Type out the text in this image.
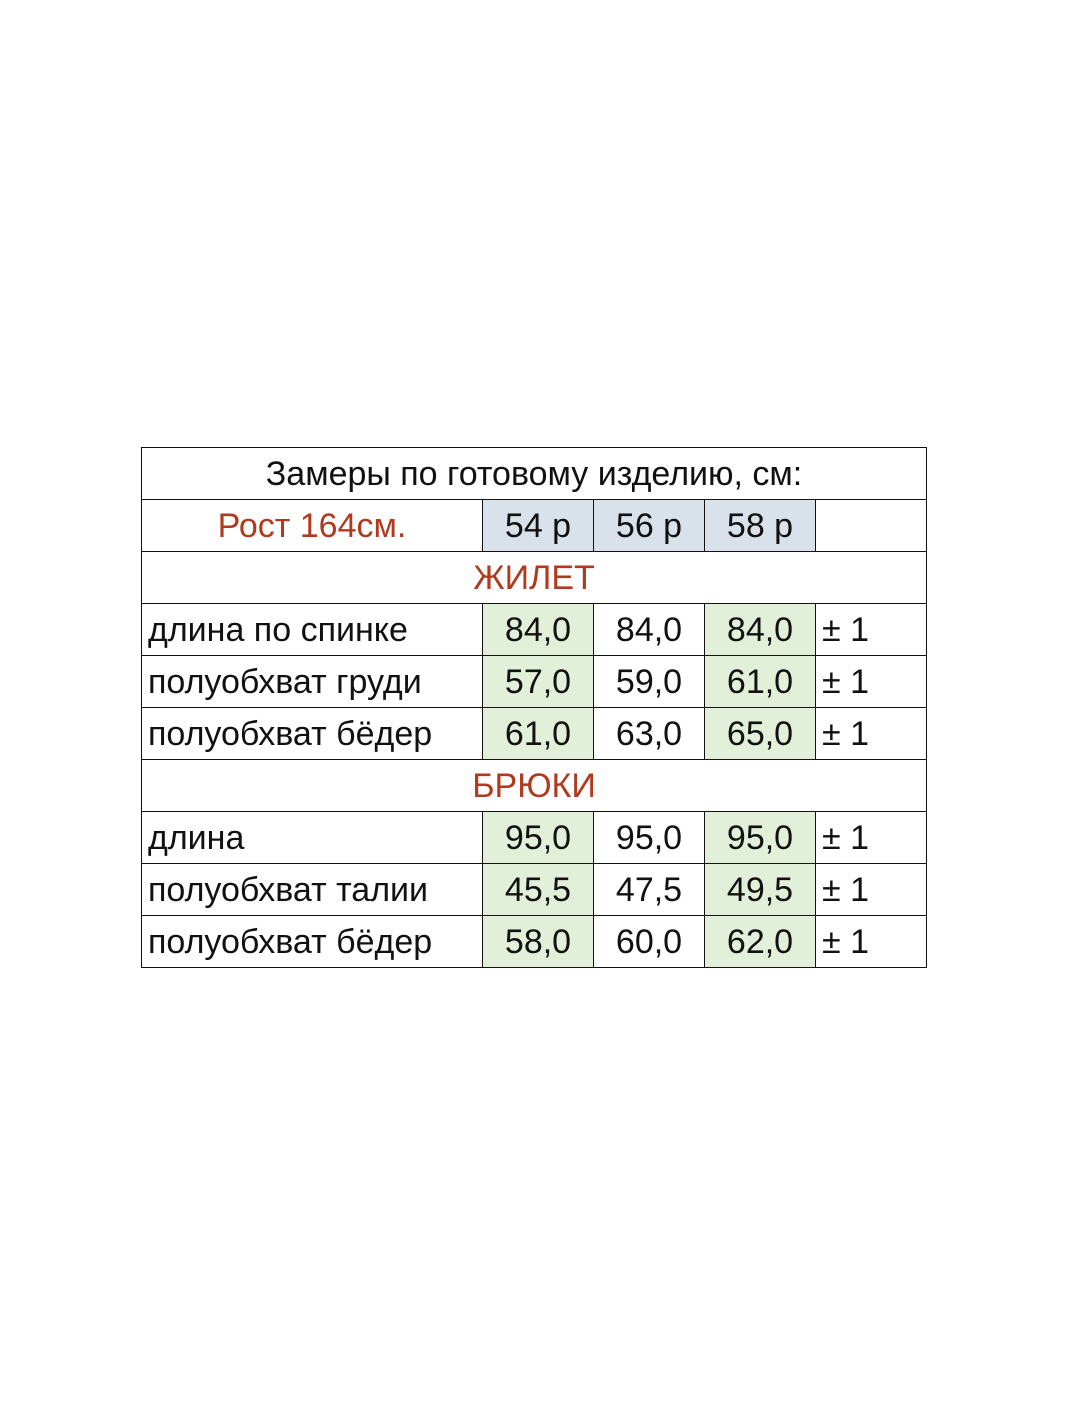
Замеры по готовому изделию, см:				
Рост 164см.	54 р	56 р	58 р	
ЖИЛЕТ				
длина по спинке	84,0	84,0	84,0	± 1
полуобхват груди	57,0	59,0	61,0	± 1
полуобхват бёдер	61,0	63,0	65,0	± 1
БРЮКИ				
длина	95,0	95,0	95,0	± 1
полуобхват талии	45,5	47,5	49,5	± 1
полуобхват бёдер	58,0	60,0	62,0	± 1
